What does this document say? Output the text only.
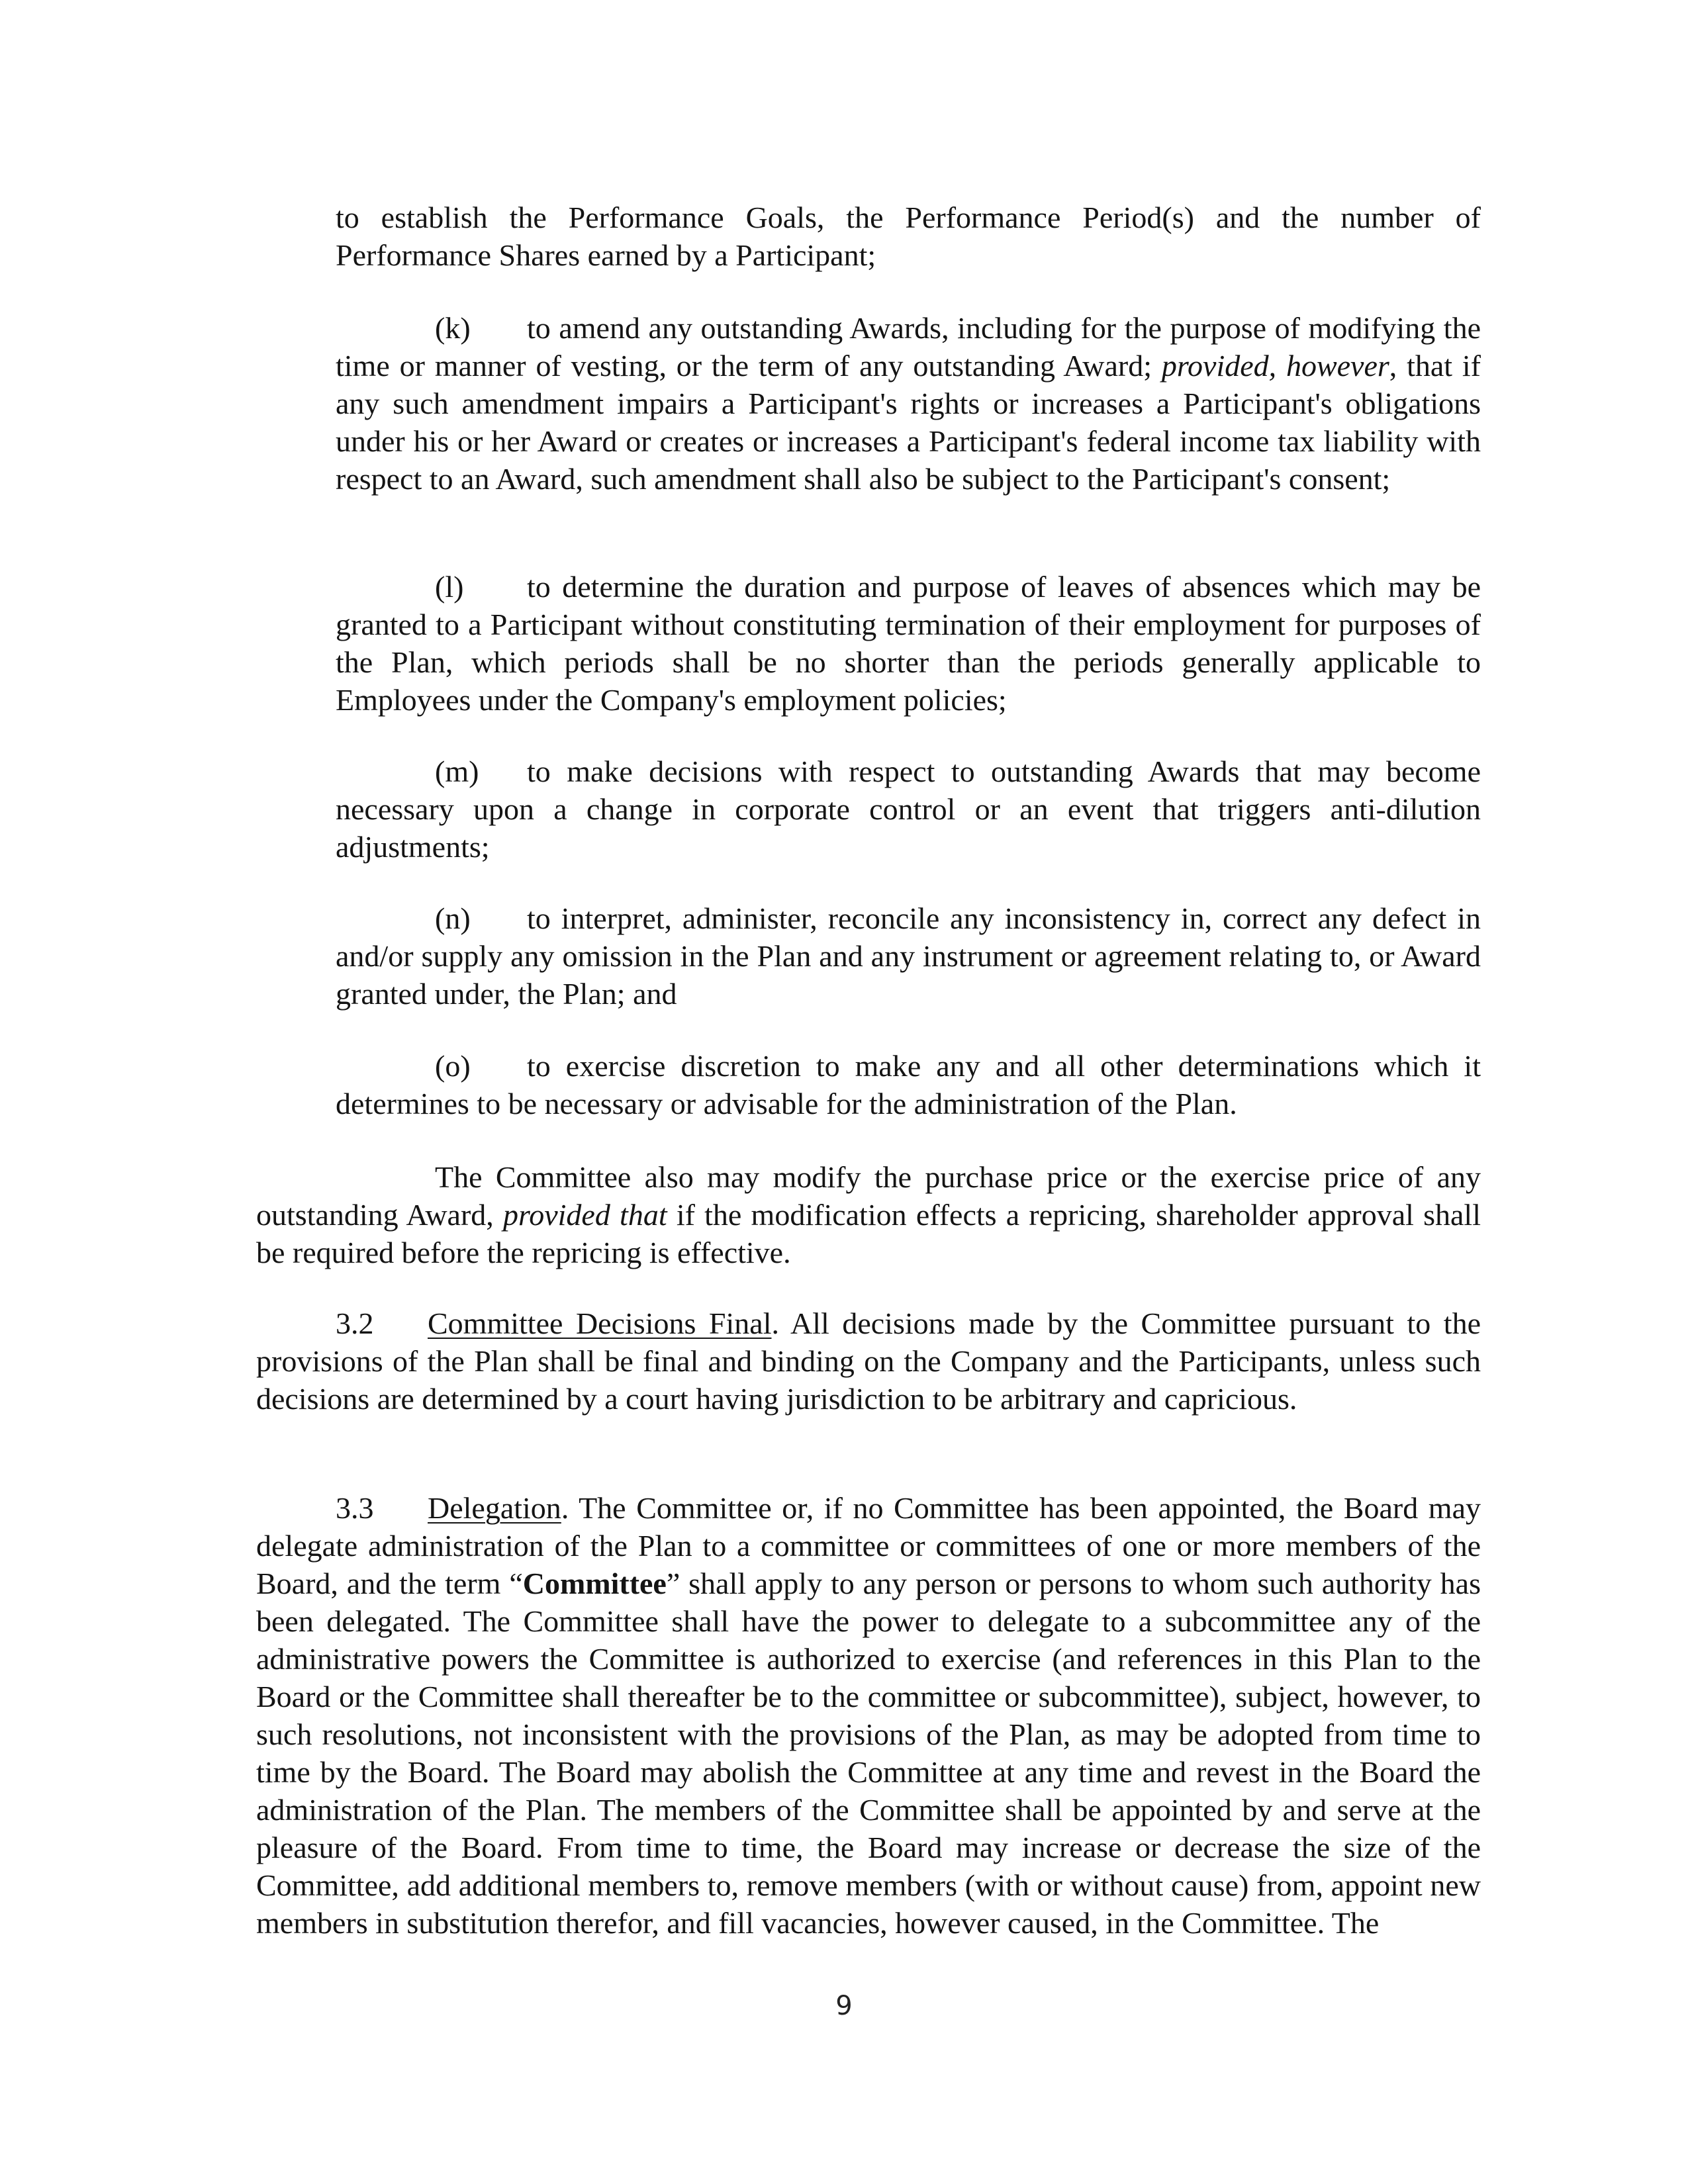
to establish the Performance Goals, the Performance Period(s) and the number of Performance Shares earned by a Participant;

(k) to amend any outstanding Awards, including for the purpose of modifying the time or manner of vesting, or the term of any outstanding Award; provided, however, that if any such amendment impairs a Participant's rights or increases a Participant's obligations under his or her Award or creates or increases a Participant's federal income tax liability with respect to an Award, such amendment shall also be subject to the Participant's consent;

(l) to determine the duration and purpose of leaves of absences which may be granted to a Participant without constituting termination of their employment for purposes of the Plan, which periods shall be no shorter than the periods generally applicable to Employees under the Company's employment policies;

(m) to make decisions with respect to outstanding Awards that may become necessary upon a change in corporate control or an event that triggers anti-dilution adjustments;

(n) to interpret, administer, reconcile any inconsistency in, correct any defect in and/or supply any omission in the Plan and any instrument or agreement relating to, or Award granted under, the Plan; and

(o) to exercise discretion to make any and all other determinations which it determines to be necessary or advisable for the administration of the Plan.

The Committee also may modify the purchase price or the exercise price of any outstanding Award, provided that if the modification effects a repricing, shareholder approval shall be required before the repricing is effective.

3.2 Committee Decisions Final. All decisions made by the Committee pursuant to the provisions of the Plan shall be final and binding on the Company and the Participants, unless such decisions are determined by a court having jurisdiction to be arbitrary and capricious.

3.3 Delegation. The Committee or, if no Committee has been appointed, the Board may delegate administration of the Plan to a committee or committees of one or more members of the Board, and the term “Committee” shall apply to any person or persons to whom such authority has been delegated. The Committee shall have the power to delegate to a subcommittee any of the administrative powers the Committee is authorized to exercise (and references in this Plan to the Board or the Committee shall thereafter be to the committee or subcommittee), subject, however, to such resolutions, not inconsistent with the provisions of the Plan, as may be adopted from time to time by the Board. The Board may abolish the Committee at any time and revest in the Board the administration of the Plan. The members of the Committee shall be appointed by and serve at the pleasure of the Board. From time to time, the Board may increase or decrease the size of the Committee, add additional members to, remove members (with or without cause) from, appoint new members in substitution therefor, and fill vacancies, however caused, in the Committee. The

9
